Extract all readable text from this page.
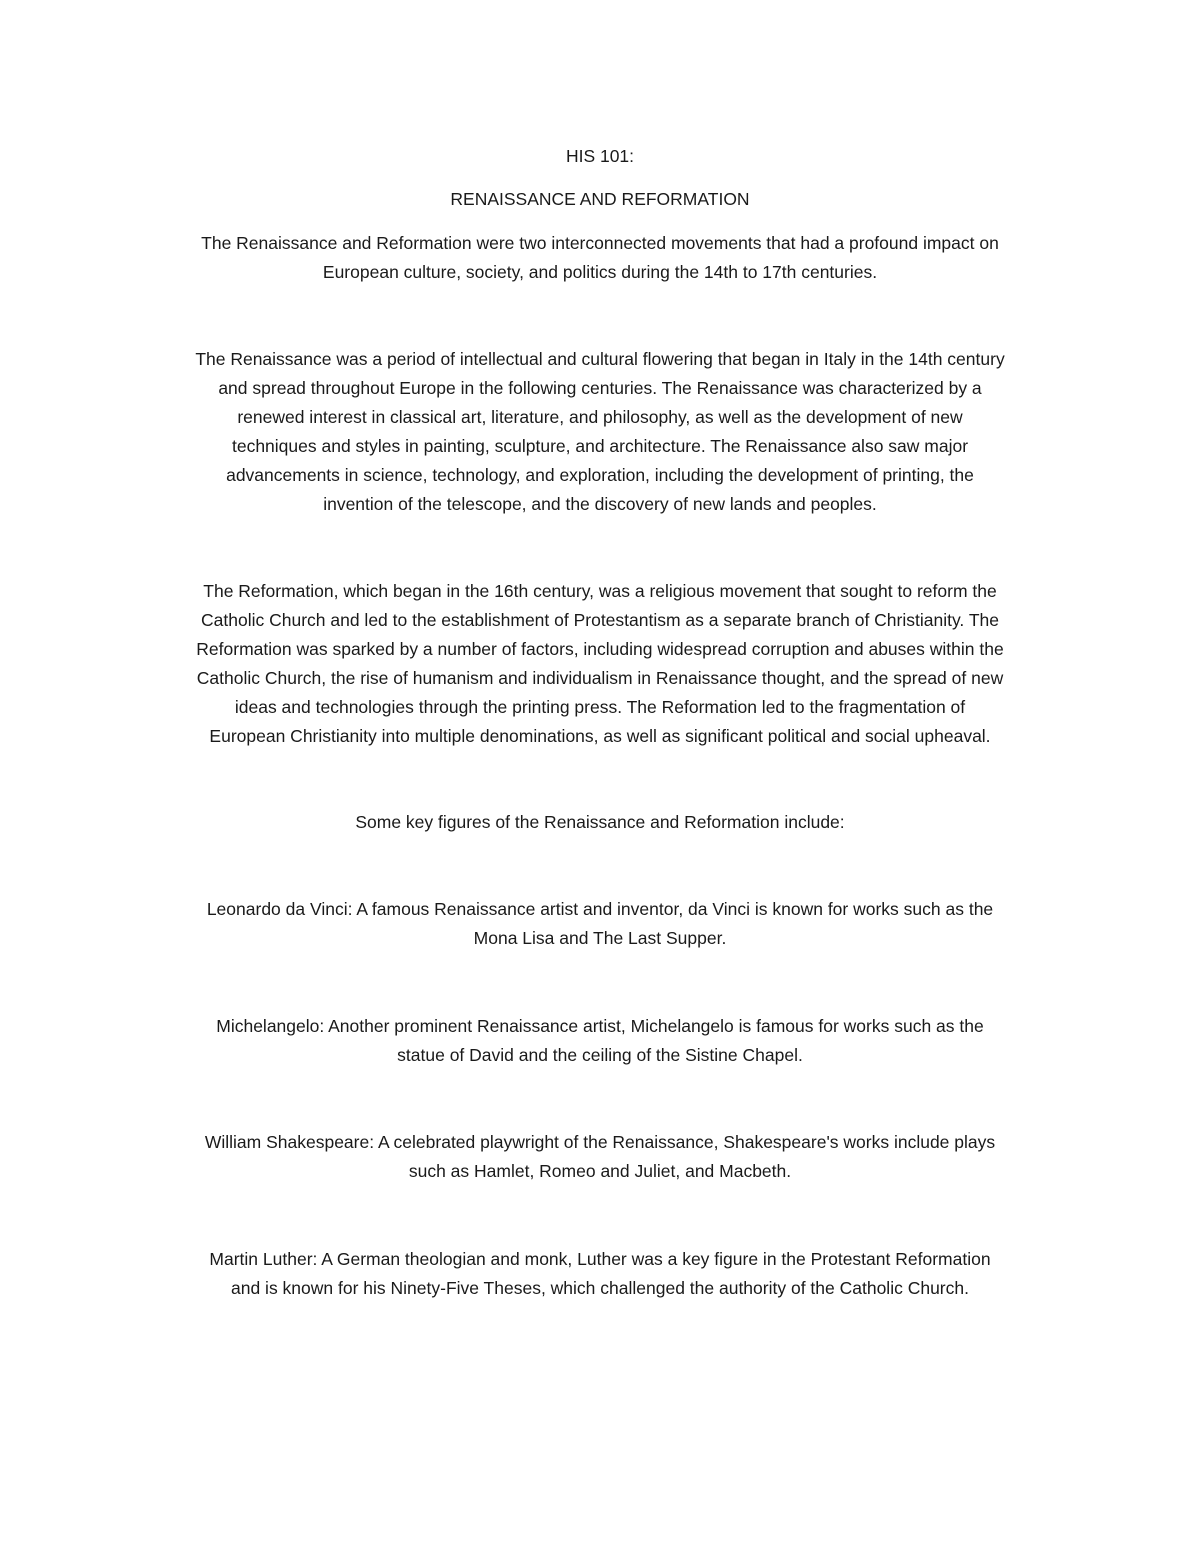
HIS 101:

RENAISSANCE AND REFORMATION

The Renaissance and Reformation were two interconnected movements that had a profound impact on
European culture, society, and politics during the 14th to 17th centuries.

The Renaissance was a period of intellectual and cultural flowering that began in Italy in the 14th century
and spread throughout Europe in the following centuries. The Renaissance was characterized by a
renewed interest in classical art, literature, and philosophy, as well as the development of new
techniques and styles in painting, sculpture, and architecture. The Renaissance also saw major
advancements in science, technology, and exploration, including the development of printing, the
invention of the telescope, and the discovery of new lands and peoples.

The Reformation, which began in the 16th century, was a religious movement that sought to reform the
Catholic Church and led to the establishment of Protestantism as a separate branch of Christianity. The
Reformation was sparked by a number of factors, including widespread corruption and abuses within the
Catholic Church, the rise of humanism and individualism in Renaissance thought, and the spread of new
ideas and technologies through the printing press. The Reformation led to the fragmentation of
European Christianity into multiple denominations, as well as significant political and social upheaval.

Some key figures of the Renaissance and Reformation include:

Leonardo da Vinci: A famous Renaissance artist and inventor, da Vinci is known for works such as the
Mona Lisa and The Last Supper.

Michelangelo: Another prominent Renaissance artist, Michelangelo is famous for works such as the
statue of David and the ceiling of the Sistine Chapel.

William Shakespeare: A celebrated playwright of the Renaissance, Shakespeare's works include plays
such as Hamlet, Romeo and Juliet, and Macbeth.

Martin Luther: A German theologian and monk, Luther was a key figure in the Protestant Reformation
and is known for his Ninety-Five Theses, which challenged the authority of the Catholic Church.
